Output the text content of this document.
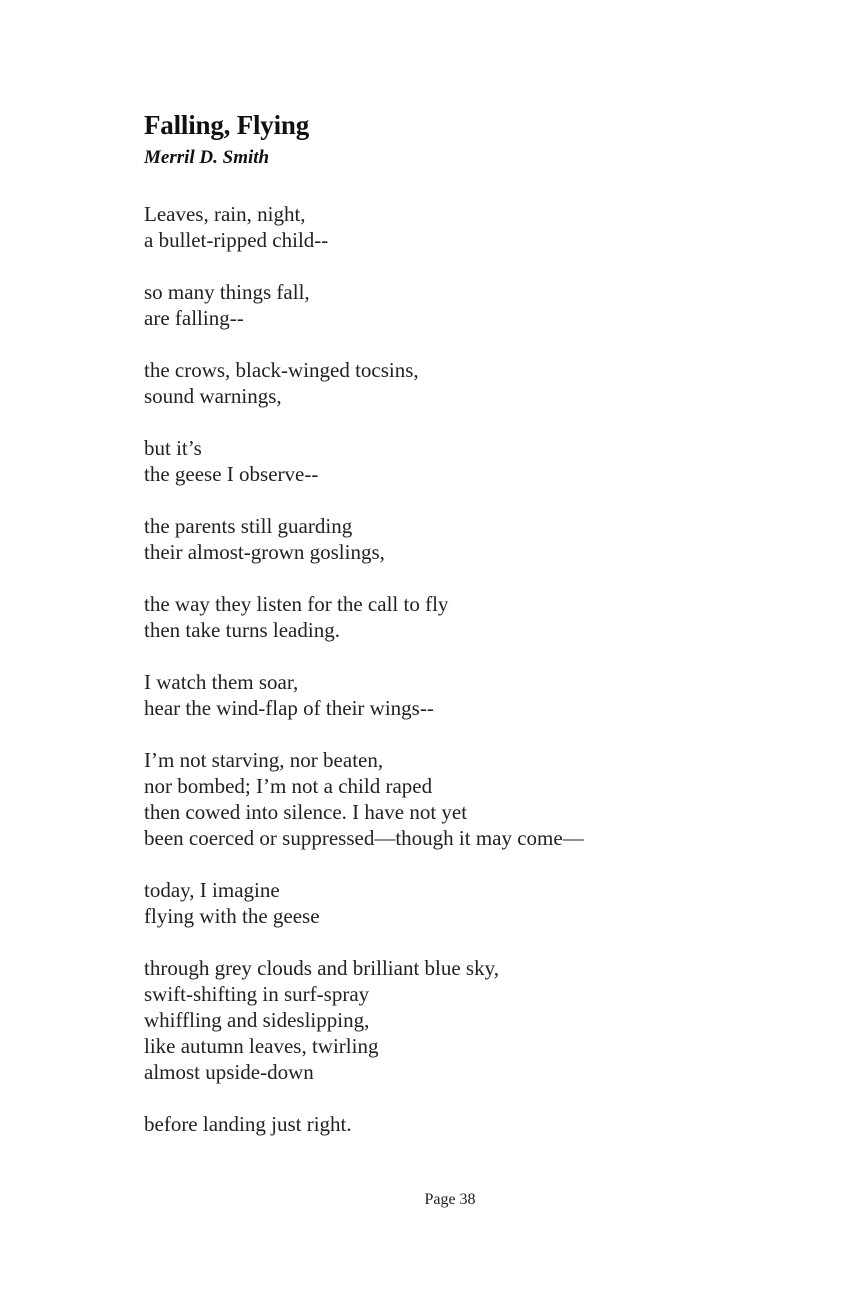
Falling, Flying
Merril D. Smith
Leaves, rain, night,
a bullet-ripped child--
so many things fall,
are falling--
the crows, black-winged tocsins,
sound warnings,
but it’s
the geese I observe--
the parents still guarding
their almost-grown goslings,
the way they listen for the call to fly
then take turns leading.
I watch them soar,
hear the wind-flap of their wings--
I’m not starving, nor beaten,
nor bombed; I’m not a child raped
then cowed into silence. I have not yet
been coerced or suppressed—though it may come—
today, I imagine
flying with the geese
through grey clouds and brilliant blue sky,
swift-shifting in surf-spray
whiffling and sideslipping,
like autumn leaves, twirling
almost upside-down
before landing just right.
Page 38
